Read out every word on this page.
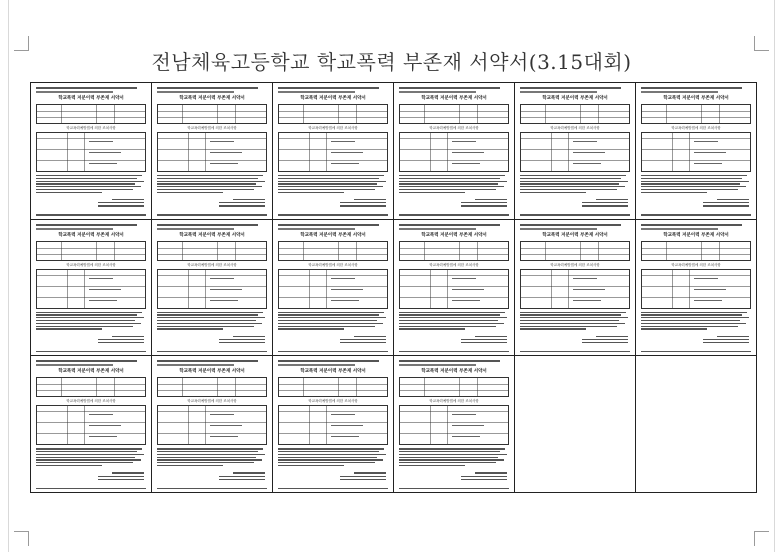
전남체육고등학교 학교폭력 부존재 서약서(3.15대회)
학교폭력 저분이력 부존재 서약서
학교폭력예방법에 의한 조치사항
학교폭력 저분이력 부존재 서약서
학교폭력예방법에 의한 조치사항
학교폭력 저분이력 부존재 서약서
학교폭력예방법에 의한 조치사항
학교폭력 저분이력 부존재 서약서
학교폭력예방법에 의한 조치사항
학교폭력 저분이력 부존재 서약서
학교폭력예방법에 의한 조치사항
학교폭력 저분이력 부존재 서약서
학교폭력예방법에 의한 조치사항
학교폭력 저분이력 부존재 서약서
학교폭력예방법에 의한 조치사항
학교폭력 저분이력 부존재 서약서
학교폭력예방법에 의한 조치사항
학교폭력 저분이력 부존재 서약서
학교폭력예방법에 의한 조치사항
학교폭력 저분이력 부존재 서약서
학교폭력예방법에 의한 조치사항
학교폭력 저분이력 부존재 서약서
학교폭력예방법에 의한 조치사항
학교폭력 저분이력 부존재 서약서
학교폭력예방법에 의한 조치사항
학교폭력 저분이력 부존재 서약서
학교폭력예방법에 의한 조치사항
학교폭력 저분이력 부존재 서약서
학교폭력예방법에 의한 조치사항
학교폭력 저분이력 부존재 서약서
학교폭력예방법에 의한 조치사항
학교폭력 저분이력 부존재 서약서
학교폭력예방법에 의한 조치사항
